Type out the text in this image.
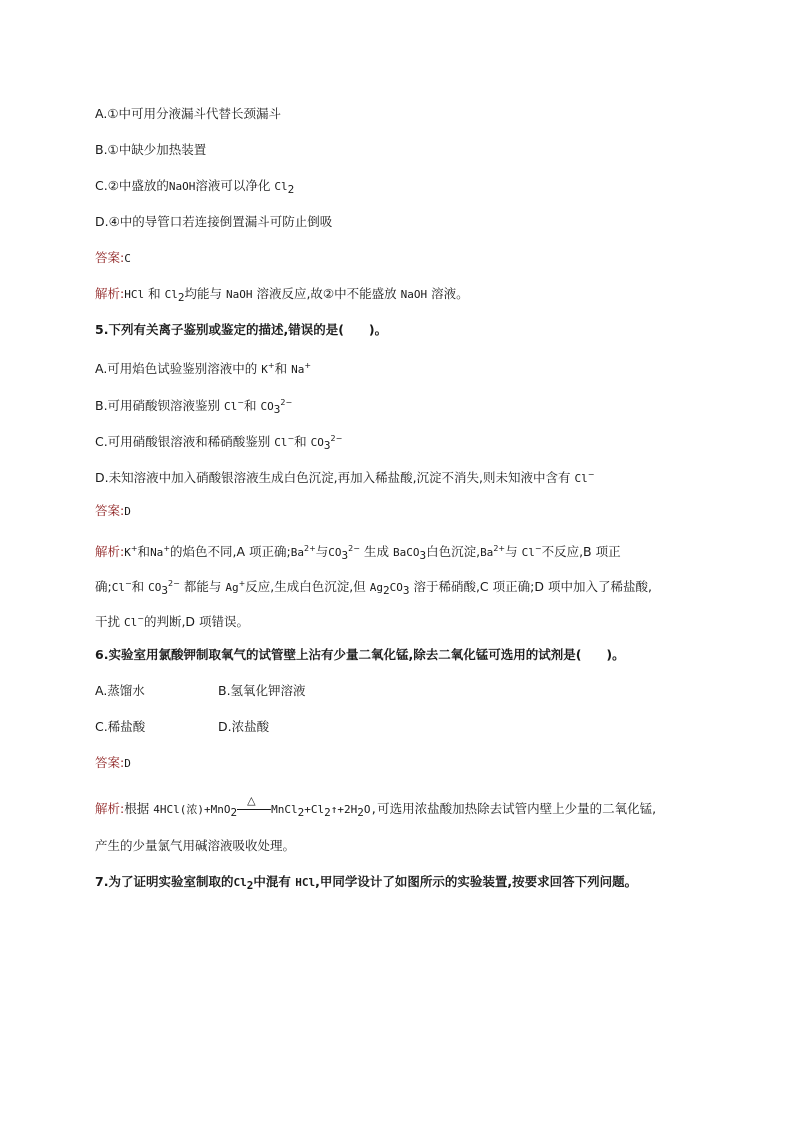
A.①中可用分液漏斗代替长颈漏斗
B.①中缺少加热装置
C.②中盛放的NaOH溶液可以净化 $Cl_2$
D.④中的导管口若连接倒置漏斗可防止倒吸
答案:C
解析:HCl 和 $Cl_2$均能与 NaOH 溶液反应,故②中不能盛放 NaOH 溶液。
5.下列有关离子鉴别或鉴定的描述,错误的是(　　)。
A.可用焰色试验鉴别溶液中的 K+和 Na+
B.可用硝酸钡溶液鉴别 Cl−和 $CO_3^{2-}$
C.可用硝酸银溶液和稀硝酸鉴别 Cl−和 $CO_3^{2-}$
D.未知溶液中加入硝酸银溶液生成白色沉淀,再加入稀盐酸,沉淀不消失,则未知液中含有 Cl−
答案:D
解析:K+和Na+的焰色不同,A 项正确$;Ba^{2+}$与$CO_3^{2-}$ 生成 BaCO$_3$白色沉淀$,Ba^{2+}$与 Cl−不反应,B 项正
确;Cl−和 $CO_3^{2-}$ 都能与 Ag+反应,生成白色沉淀,但 $Ag_2CO_3$ 溶于稀硝酸,C 项正确;D 项中加入了稀盐酸,
干扰 Cl−的判断,D 项错误。
6.实验室用氯酸钾制取氧气的试管壁上沾有少量二氧化锰,除去二氧化锰可选用的试剂是(　　)。
A.蒸馏水	B.氢氧化钾溶液
C.稀盐酸	D.浓盐酸
答案:D
解析:根据 4HCl(浓)+MnO$_2$
△
$MnCl_2+Cl_2↑+2H_2O$,可选用浓盐酸加热除去试管内壁上少量的二氧化锰,
产生的少量氯气用碱溶液吸收处理。
7.为了证明实验室制取的$Cl_2$中混有 HCl,甲同学设计了如图所示的实验装置,按要求回答下列问题。
